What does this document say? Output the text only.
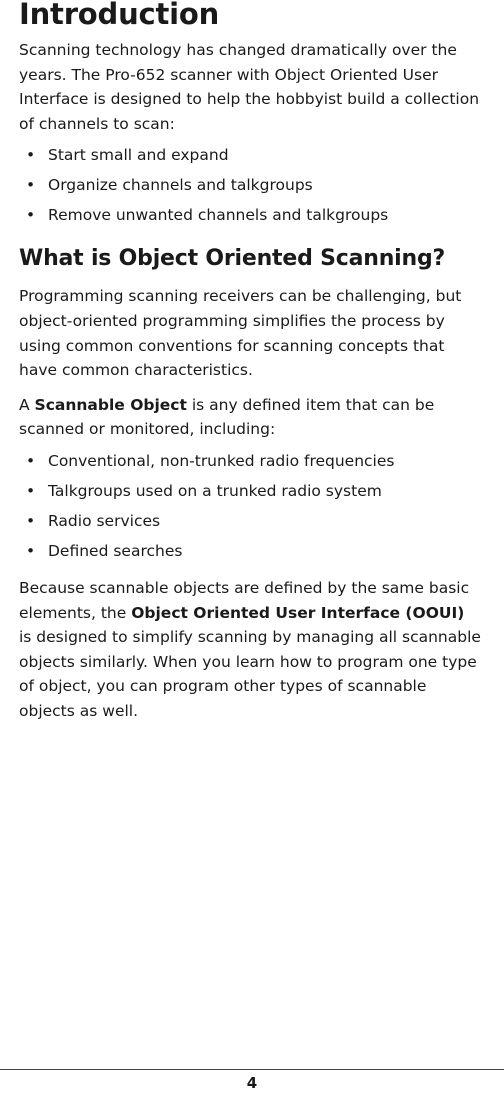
Introduction

Scanning technology has changed dramatically over the years. The Pro-652 scanner with Object Oriented User Interface is designed to help the hobbyist build a collection of channels to scan:

• Start small and expand
• Organize channels and talkgroups
• Remove unwanted channels and talkgroups
What is Object Oriented Scanning?

Programming scanning receivers can be challenging, but object-oriented programming simplifies the process by using common conventions for scanning concepts that have common characteristics.

A Scannable Object is any defined item that can be scanned or monitored, including:

• Conventional, non-trunked radio frequencies
• Talkgroups used on a trunked radio system
• Radio services
• Defined searches

Because scannable objects are defined by the same basic elements, the Object Oriented User Interface (OOUI) is designed to simplify scanning by managing all scannable objects similarly. When you learn how to program one type of object, you can program other types of scannable objects as well.

4
